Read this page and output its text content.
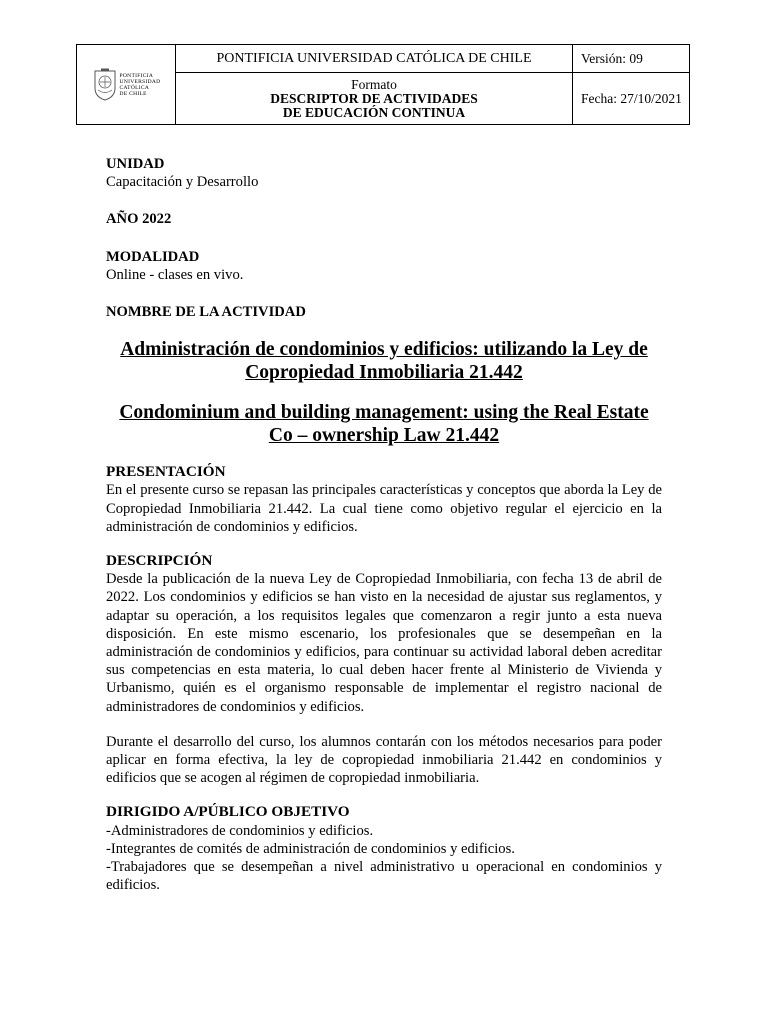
PONTIFICIA
UNIVERSIDAD
CATÓLICA
DE CHILE	PONTIFICIA UNIVERSIDAD CATÓLICA DE CHILE	Versión: 09

	Formato
DESCRIPTOR DE ACTIVIDADES
DE EDUCACIÓN CONTINUA	Fecha: 27/10/2021

UNIDAD

Capacitación y Desarrollo

AÑO 2022

MODALIDAD

Online - clases en vivo.

NOMBRE DE LA ACTIVIDAD

Administración de condominios y edificios: utilizando la Ley de

Copropiedad Inmobiliaria 21.442

Condominium and building management: using the Real Estate

Co – ownership Law 21.442

PRESENTACIÓN

En el presente curso se repasan las principales características y conceptos que aborda la Ley de Copropiedad Inmobiliaria 21.442. La cual tiene como objetivo regular el ejercicio en la administración de condominios y edificios.

DESCRIPCIÓN

Desde la publicación de la nueva Ley de Copropiedad Inmobiliaria, con fecha 13 de abril de 2022. Los condominios y edificios se han visto en la necesidad de ajustar sus reglamentos, y adaptar su operación, a los requisitos legales que comenzaron a regir junto a esta nueva disposición. En este mismo escenario, los profesionales que se desempeñan en la administración de condominios y edificios, para continuar su actividad laboral deben acreditar sus competencias en esta materia, lo cual deben hacer frente al Ministerio de Vivienda y Urbanismo, quién es el organismo responsable de implementar el registro nacional de administradores de condominios y edificios.

Durante el desarrollo del curso, los alumnos contarán con los métodos necesarios para poder aplicar en forma efectiva, la ley de copropiedad inmobiliaria 21.442 en condominios y edificios que se acogen al régimen de copropiedad inmobiliaria.

DIRIGIDO A/PÚBLICO OBJETIVO

-Administradores de condominios y edificios.

-Integrantes de comités de administración de condominios y edificios.

-Trabajadores que se desempeñan a nivel administrativo u operacional en condominios y edificios.
